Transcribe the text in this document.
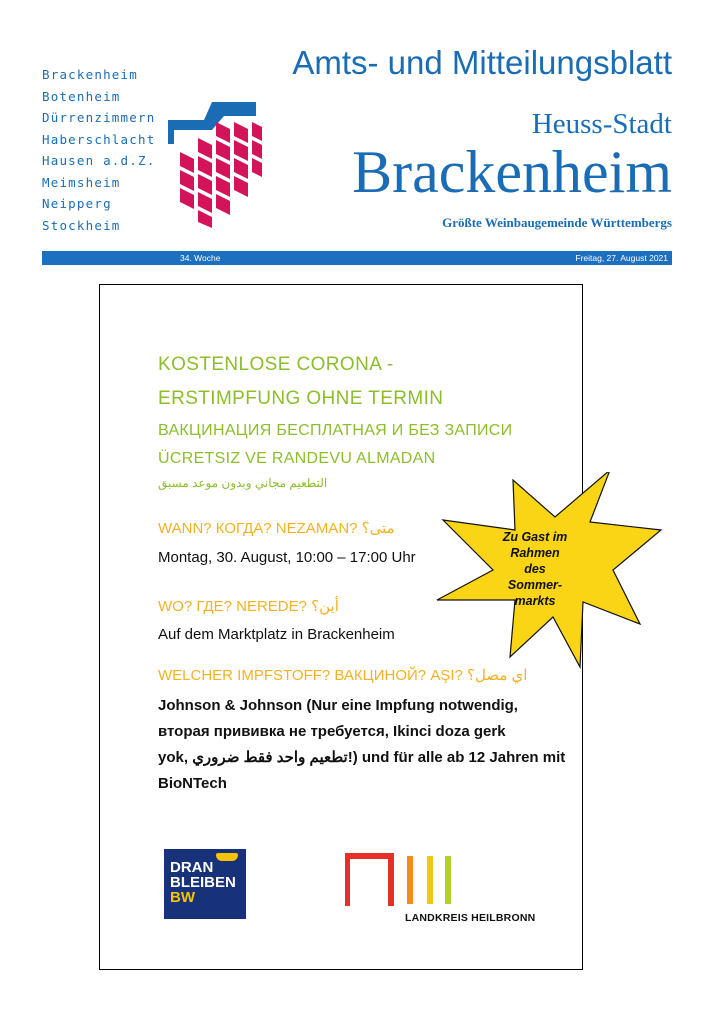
Brackenheim
Botenheim
Dürrenzimmern
Haberschlacht
Hausen a.d.Z.
Meimsheim
Neipperg
Stockheim
Amts- und Mitteilungsblatt
Heuss-Stadt
Brackenheim
Größte Weinbaugemeinde Württembergs
34. Woche	Freitag, 27. August 2021
KOSTENLOSE CORONA -
ERSTIMPFUNG OHNE TERMIN
ВАКЦИНАЦИЯ БЕСПЛАТНАЯ И БЕЗ ЗАПИСИ
ÜCRETSIZ VE RANDEVU ALMADAN
التطعيم مجاني وبدون موعد مسبق
WANN? КОГДА? NEZAMAN? متى؟
Montag, 30. August, 10:00 – 17:00 Uhr
WO? ГДЕ? NEREDE? أين؟
Auf dem Marktplatz in Brackenheim
WELCHER IMPFSTOFF? ВАКЦИНОЙ? AŞI? اي مصل؟
Johnson & Johnson (Nur eine Impfung notwendig,
вторая прививка не требуется, Ikinci doza gerk
yok, تطعيم واحد فقط ضروري!) und für alle ab 12 Jahren mit
BioNTech
Zu Gast im
Rahmen
des
Sommer-
markts
DRAN
BLEIBEN
BW
LANDKREIS HEILBRONN
